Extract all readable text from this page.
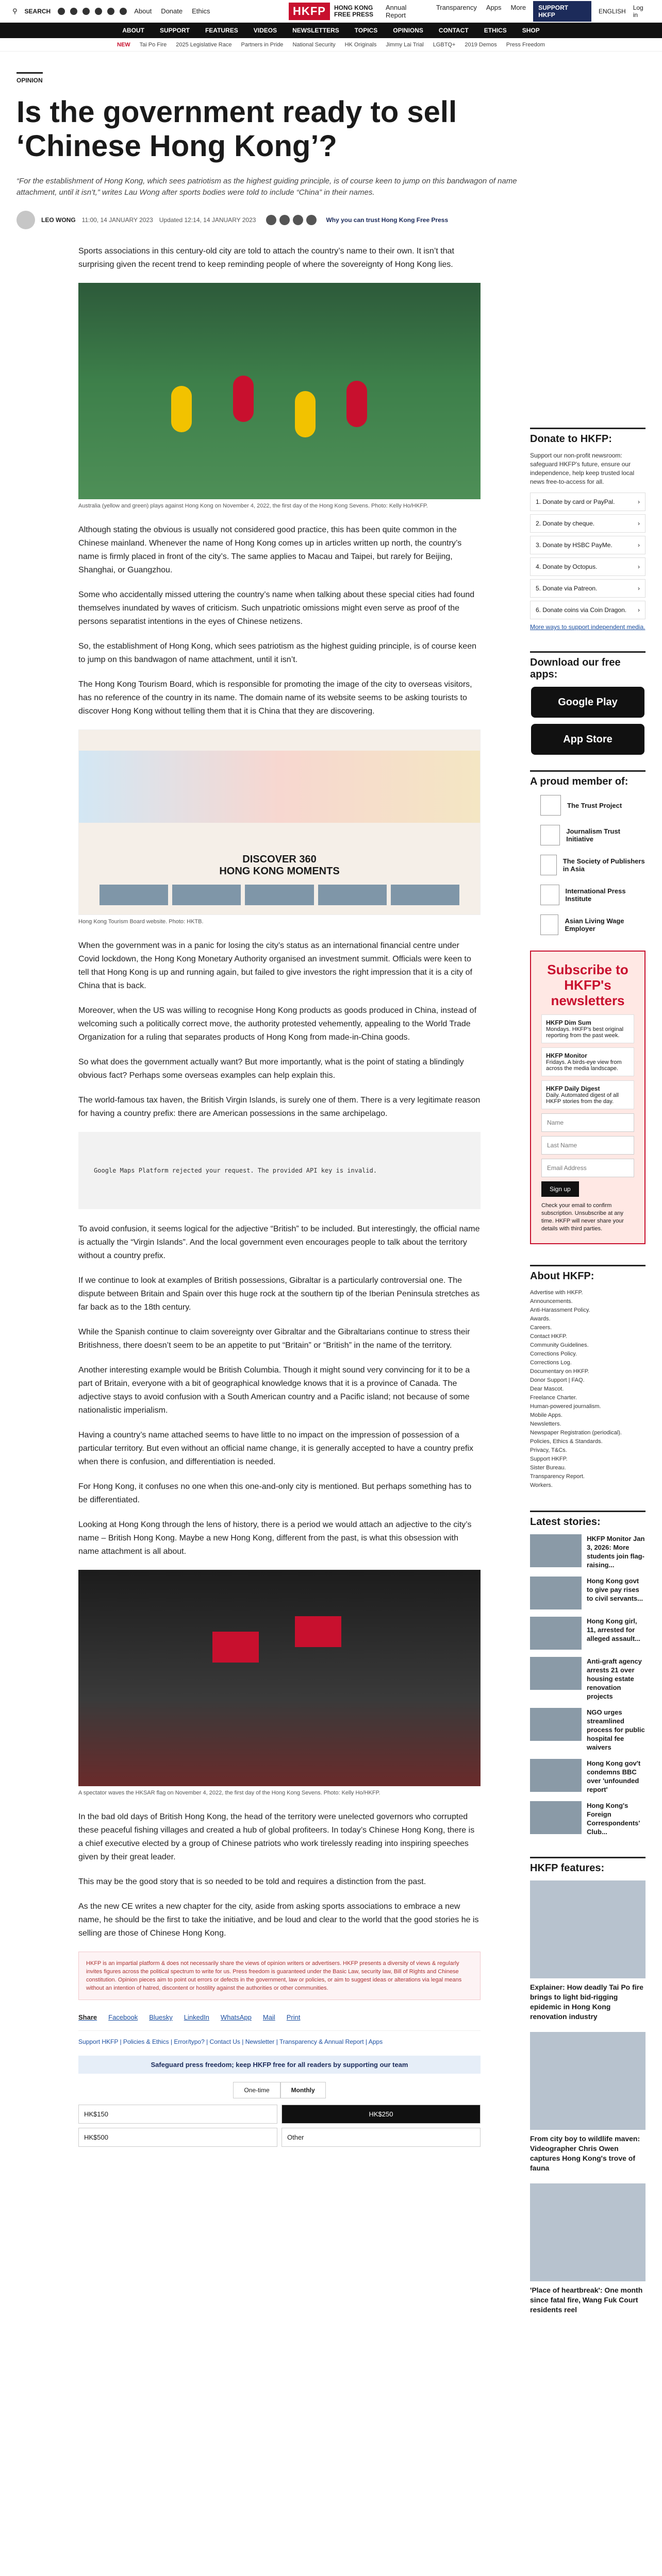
⚲ SEARCH	About Donate Ethics	HKFP	HONG KONG
FREE PRESS
Annual Report
Transparency Apps More	SUPPORT HKFP	ENGLISH Log in
ABOUT	SUPPORT	FEATURES	VIDEOS	NEWSLETTERS	TOPICS	OPINIONS	CONTACT	ETHICS	SHOP
NEW Tai Po Fire 2025 Legislative Race Partners in Pride National Security HK Originals Jimmy Lai Trial LGBTQ+ 2019 Demos Press Freedom
OPINION
Is the government ready to sell ‘Chinese Hong Kong’?

“For the establishment of Hong Kong, which sees patriotism as the highest guiding principle, is of course keen to jump on this bandwagon of name attachment, until it isn’t,” writes Lau Wong after sports bodies were told to include “China” in their names.

LEO WONG 11:00, 14 JANUARY 2023 Updated 12:14, 14 JANUARY 2023	Why you can trust Hong Kong Free Press

Sports associations in this century-old city are told to attach the country’s name to their own. It isn’t that surprising given the recent trend to keep reminding people of where the sovereignty of Hong Kong lies.

Australia (yellow and green) plays against Hong Kong on November 4, 2022, the first day of the Hong Kong Sevens. Photo: Kelly Ho/HKFP.

Although stating the obvious is usually not considered good practice, this has been quite common in the Chinese mainland. Whenever the name of Hong Kong comes up in articles written up north, the country’s name is firmly placed in front of the city’s. The same applies to Macau and Taipei, but rarely for Beijing, Shanghai, or Guangzhou.

Some who accidentally missed uttering the country’s name when talking about these special cities had found themselves inundated by waves of criticism. Such unpatriotic omissions might even serve as proof of the persons separatist intentions in the eyes of Chinese netizens.

So, the establishment of Hong Kong, which sees patriotism as the highest guiding principle, is of course keen to jump on this bandwagon of name attachment, until it isn’t.

The Hong Kong Tourism Board, which is responsible for promoting the image of the city to overseas visitors, has no reference of the country in its name. The domain name of its website seems to be asking tourists to discover Hong Kong without telling them that it is China that they are discovering.

DISCOVER 360
HONG KONG MOMENTS
Hong Kong Tourism Board website. Photo: HKTB.

When the government was in a panic for losing the city’s status as an international financial centre under Covid lockdown, the Hong Kong Monetary Authority organised an investment summit. Officials were keen to tell that Hong Kong is up and running again, but failed to give investors the right impression that it is a city of China that is back.

Moreover, when the US was willing to recognise Hong Kong products as goods produced in China, instead of welcoming such a politically correct move, the authority protested vehemently, appealing to the World Trade Organization for a ruling that separates products of Hong Kong from made-in-China goods.

So what does the government actually want? But more importantly, what is the point of stating a blindingly obvious fact? Perhaps some overseas examples can help explain this.

The world-famous tax haven, the British Virgin Islands, is surely one of them. There is a very legitimate reason for having a country prefix: there are American possessions in the same archipelago.

Google Maps Platform rejected your request. The provided API key is invalid.

To avoid confusion, it seems logical for the adjective “British” to be included. But interestingly, the official name is actually the “Virgin Islands”. And the local government even encourages people to talk about the territory without a country prefix.

If we continue to look at examples of British possessions, Gibraltar is a particularly controversial one. The dispute between Britain and Spain over this huge rock at the southern tip of the Iberian Peninsula stretches as far back as to the 18th century.

While the Spanish continue to claim sovereignty over Gibraltar and the Gibraltarians continue to stress their Britishness, there doesn’t seem to be an appetite to put “Britain” or “British” in the name of the territory.

Another interesting example would be British Columbia. Though it might sound very convincing for it to be a part of Britain, everyone with a bit of geographical knowledge knows that it is a province of Canada. The adjective stays to avoid confusion with a South American country and a Pacific island; not because of some nationalistic imperialism.

Having a country’s name attached seems to have little to no impact on the impression of possession of a particular territory. But even without an official name change, it is generally accepted to have a country prefix when there is confusion, and differentiation is needed.

For Hong Kong, it confuses no one when this one-and-only city is mentioned. But perhaps something has to be differentiated.

Looking at Hong Kong through the lens of history, there is a period we would attach an adjective to the city’s name – British Hong Kong. Maybe a new Hong Kong, different from the past, is what this obsession with name attachment is all about.

A spectator waves the HKSAR flag on November 4, 2022, the first day of the Hong Kong Sevens. Photo: Kelly Ho/HKFP.

In the bad old days of British Hong Kong, the head of the territory were unelected governors who corrupted these peaceful fishing villages and created a hub of global profiteers. In today’s Chinese Hong Kong, there is a chief executive elected by a group of Chinese patriots who work tirelessly reading into inspiring speeches given by their great leader.

This may be the good story that is so needed to be told and requires a distinction from the past.

As the new CE writes a new chapter for the city, aside from asking sports associations to embrace a new name, he should be the first to take the initiative, and be loud and clear to the world that the good stories he is selling are those of Chinese Hong Kong.

HKFP is an impartial platform & does not necessarily share the views of opinion writers or advertisers. HKFP presents a diversity of views & regularly invites figures across the political spectrum to write for us. Press freedom is guaranteed under the Basic Law, security law, Bill of Rights and Chinese constitution. Opinion pieces aim to point out errors or defects in the government, law or policies, or aim to suggest ideas or alterations via legal means without an intention of hatred, discontent or hostility against the authorities or other communities.
Share Facebook Bluesky LinkedIn WhatsApp Mail Print
Support HKFP | Policies & Ethics | Error/typo? | Contact Us | Newsletter | Transparency & Annual Report | Apps
Safeguard press freedom; keep HKFP free for all readers by supporting our team
One-time	Monthly
HK$150	HK$250
HK$500	Other
Donate to HKFP:

Support our non-profit newsroom: safeguard HKFP's future, ensure our independence, help keep trusted local news free-to-access for all.

1. Donate by card or PayPal.	›
2. Donate by cheque.	›
3. Donate by HSBC PayMe.	›
4. Donate by Octopus.	›
5. Donate via Patreon.	›
6. Donate coins via Coin Dragon. ›
More ways to support independent media.
Download our free apps:
Google Play
App Store
A proud member of:
The Trust Project
Journalism Trust Initiative
The Society of Publishers in Asia
International Press Institute
Asian Living Wage Employer
Subscribe to HKFP's newsletters
HKFP Dim Sum
Mondays. HKFP's best original reporting from the past week.
HKFP Monitor
Fridays. A birds-eye view from across the media landscape.
HKFP Daily Digest
Daily. Automated digest of all HKFP stories from the day.
Name
Last Name
Email Address
Sign up

Check your email to confirm subscription. Unsubscribe at any time. HKFP will never share your details with third parties.

About HKFP:
Advertise with HKFP.
Announcements.
Anti-Harassment Policy.
Awards.
Careers.
Contact HKFP.
Community Guidelines.
Corrections Policy.
Corrections Log.
Documentary on HKFP.
Donor Support | FAQ.
Dear Mascot.
Freelance Charter.
Human-powered journalism.
Mobile Apps.
Newsletters.
Newspaper Registration (periodical).
Policies, Ethics & Standards.
Privacy, T&Cs.
Support HKFP.
Sister Bureau.
Transparency Report.
Workers.
Latest stories:
HKFP Monitor Jan 3, 2026: More students join flag-raising...
Hong Kong govt to give pay rises to civil servants...
Hong Kong girl, 11, arrested for alleged assault...
Anti-graft agency arrests 21 over housing estate renovation projects
NGO urges streamlined process for public hospital fee waivers
Hong Kong gov't condemns BBC over 'unfounded report'
Hong Kong's Foreign Correspondents' Club...
HKFP features:
Explainer: How deadly Tai Po fire brings to light bid-rigging epidemic in Hong Kong renovation industry
From city boy to wildlife maven: Videographer Chris Owen captures Hong Kong's trove of fauna
'Place of heartbreak': One month since fatal fire, Wang Fuk Court residents reel
